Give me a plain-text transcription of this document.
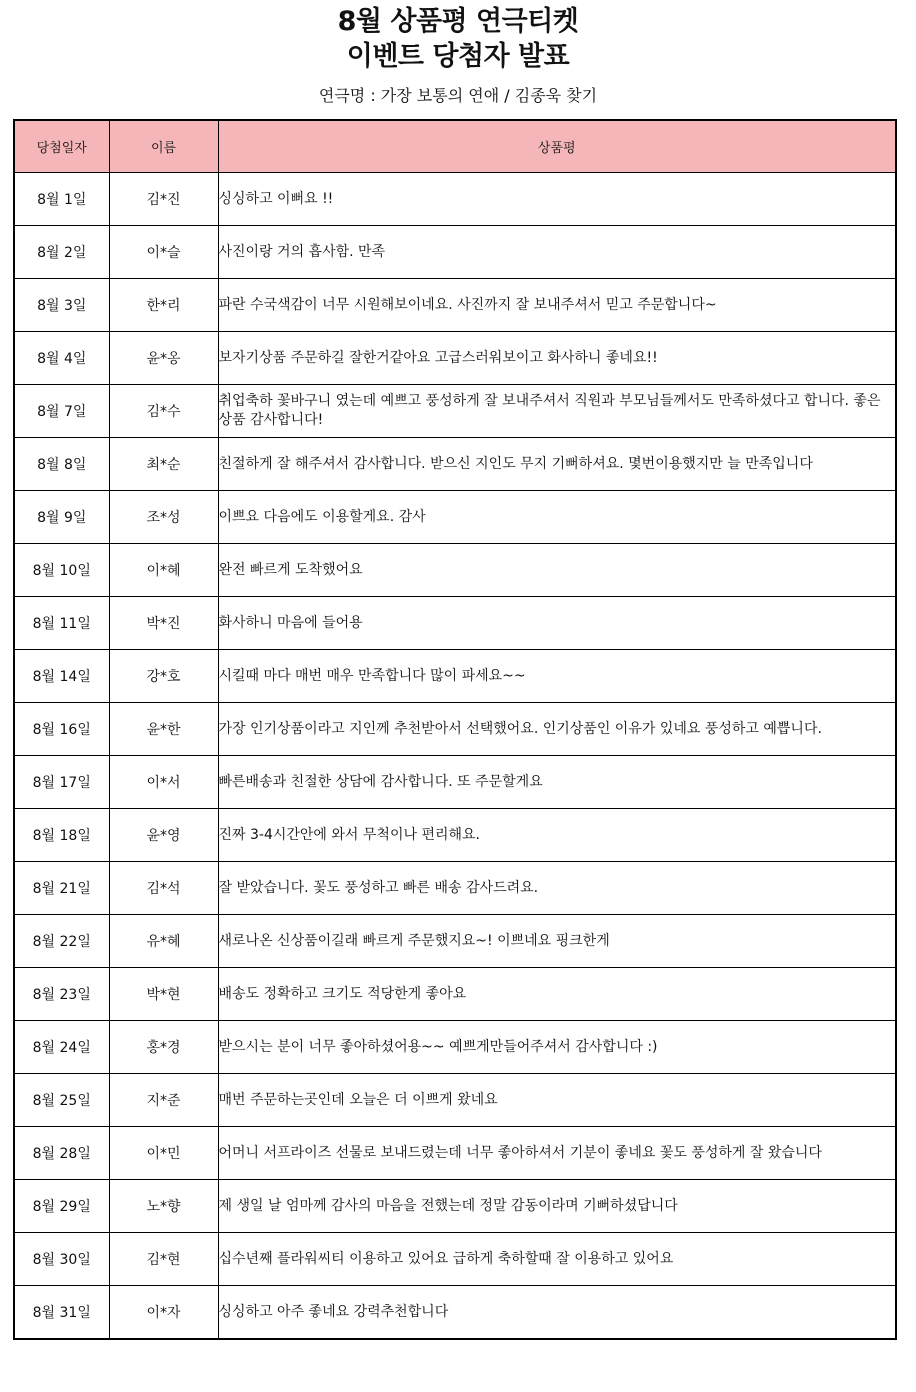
8월 상품평 연극티켓
이벤트 당첨자 발표
연극명 : 가장 보통의 연애 / 김종욱 찾기
당첨일자	이름	상품평
8월 1일	김*진	싱싱하고 이뻐요 !!
8월 2일	이*슬	사진이랑 거의 흡사함. 만족
8월 3일	한*리	파란 수국색감이 너무 시원해보이네요. 사진까지 잘 보내주셔서 믿고 주문합니다~
8월 4일	윤*옹	보자기상품 주문하길 잘한거같아요 고급스러워보이고 화사하니 좋네요!!
8월 7일	김*수	취업축하 꽃바구니 였는데 예쁘고 풍성하게 잘 보내주셔서 직원과 부모님들께서도 만족하셨다고 합니다. 좋은 상품 감사합니다!
8월 8일	최*순	친절하게 잘 해주셔서 감사합니다. 받으신 지인도 무지 기뻐하셔요. 몇번이용했지만 늘 만족입니다
8월 9일	조*성	이쁘요 다음에도 이용할게요. 감사
8월 10일	이*혜	완전 빠르게 도착했어요
8월 11일	박*진	화사하니 마음에 들어용
8월 14일	강*호	시킬때 마다 매번 매우 만족합니다 많이 파세요~~
8월 16일	윤*한	가장 인기상품이라고 지인께 추천받아서 선택했어요. 인기상품인 이유가 있네요 풍성하고 예쁩니다.
8월 17일	이*서	빠른배송과 친절한 상담에 감사합니다. 또 주문할게요
8월 18일	윤*영	진짜 3-4시간안에 와서 무척이나 편리해요.
8월 21일	김*석	잘 받았습니다. 꽃도 풍성하고 빠른 배송 감사드려요.
8월 22일	유*혜	새로나온 신상품이길래 빠르게 주문했지요~! 이쁘네요 핑크한게
8월 23일	박*현	배송도 정확하고 크기도 적당한게 좋아요
8월 24일	홍*경	받으시는 분이 너무 좋아하셨어용~~ 예쁘게만들어주셔서 감사합니다 :)
8월 25일	지*준	매번 주문하는곳인데 오늘은 더 이쁘게 왔네요
8월 28일	이*민	어머니 서프라이즈 선물로 보내드렸는데 너무 좋아하셔서 기분이 좋네요 꽃도 풍성하게 잘 왔습니다
8월 29일	노*향	제 생일 날 엄마께 감사의 마음을 전했는데 정말 감동이라며 기뻐하셨답니다
8월 30일	김*현	십수년째 플라워씨티 이용하고 있어요 급하게 축하할때 잘 이용하고 있어요
8월 31일	이*자	싱싱하고 아주 좋네요 강력추천합니다
